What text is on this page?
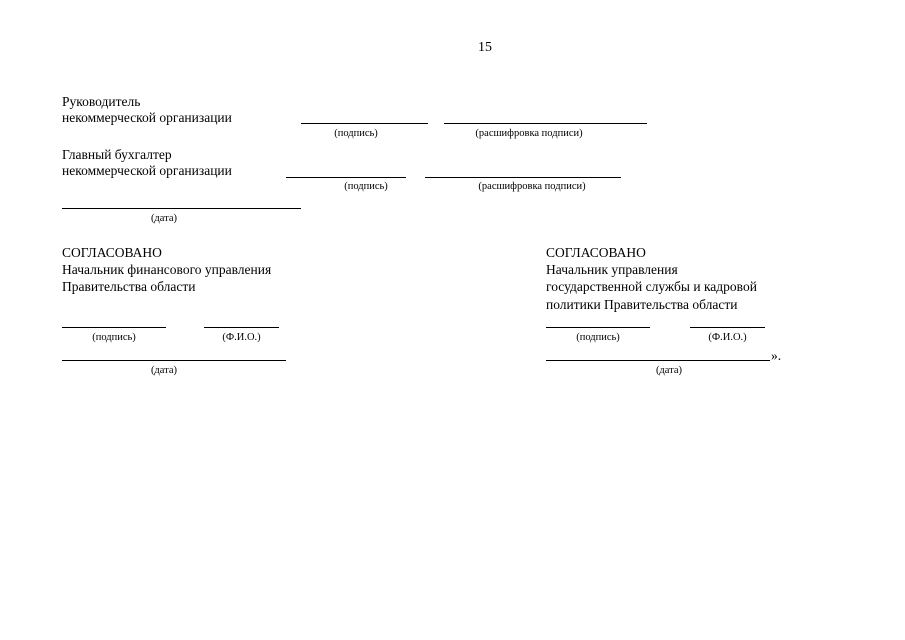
15
Руководитель
некоммерческой организации
(подпись)	(расшифровка подписи)
Главный бухгалтер
некоммерческой организации
(подпись)	(расшифровка подписи)
(дата)
СОГЛАСОВАНО
Начальник финансового управления
Правительства области
(подпись)	(Ф.И.О.)
(дата)
СОГЛАСОВАНО
Начальник управления
государственной службы и кадровой
политики Правительства области
(подпись)	(Ф.И.О.)
».
(дата)
